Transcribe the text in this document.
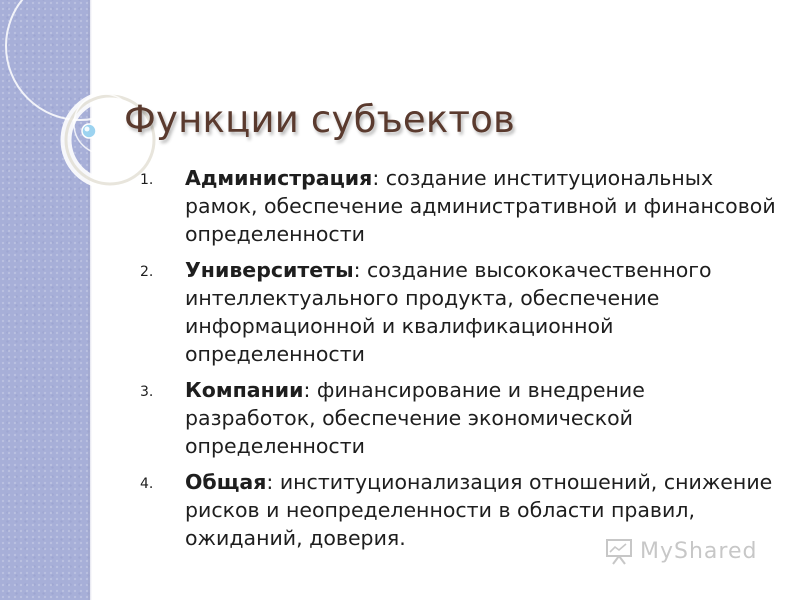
Функции субъектов
1. Администрация: создание институциональных рамок, обеспечение административной и финансовой определенности
2. Университеты: создание высококачественного интеллектуального продукта, обеспечение информационной и квалификационной определенности
3. Компании: финансирование и внедрение разработок, обеспечение экономической определенности
4. Общая: институционализация отношений, снижение рисков и неопределенности в области правил, ожиданий, доверия.
MyShared
